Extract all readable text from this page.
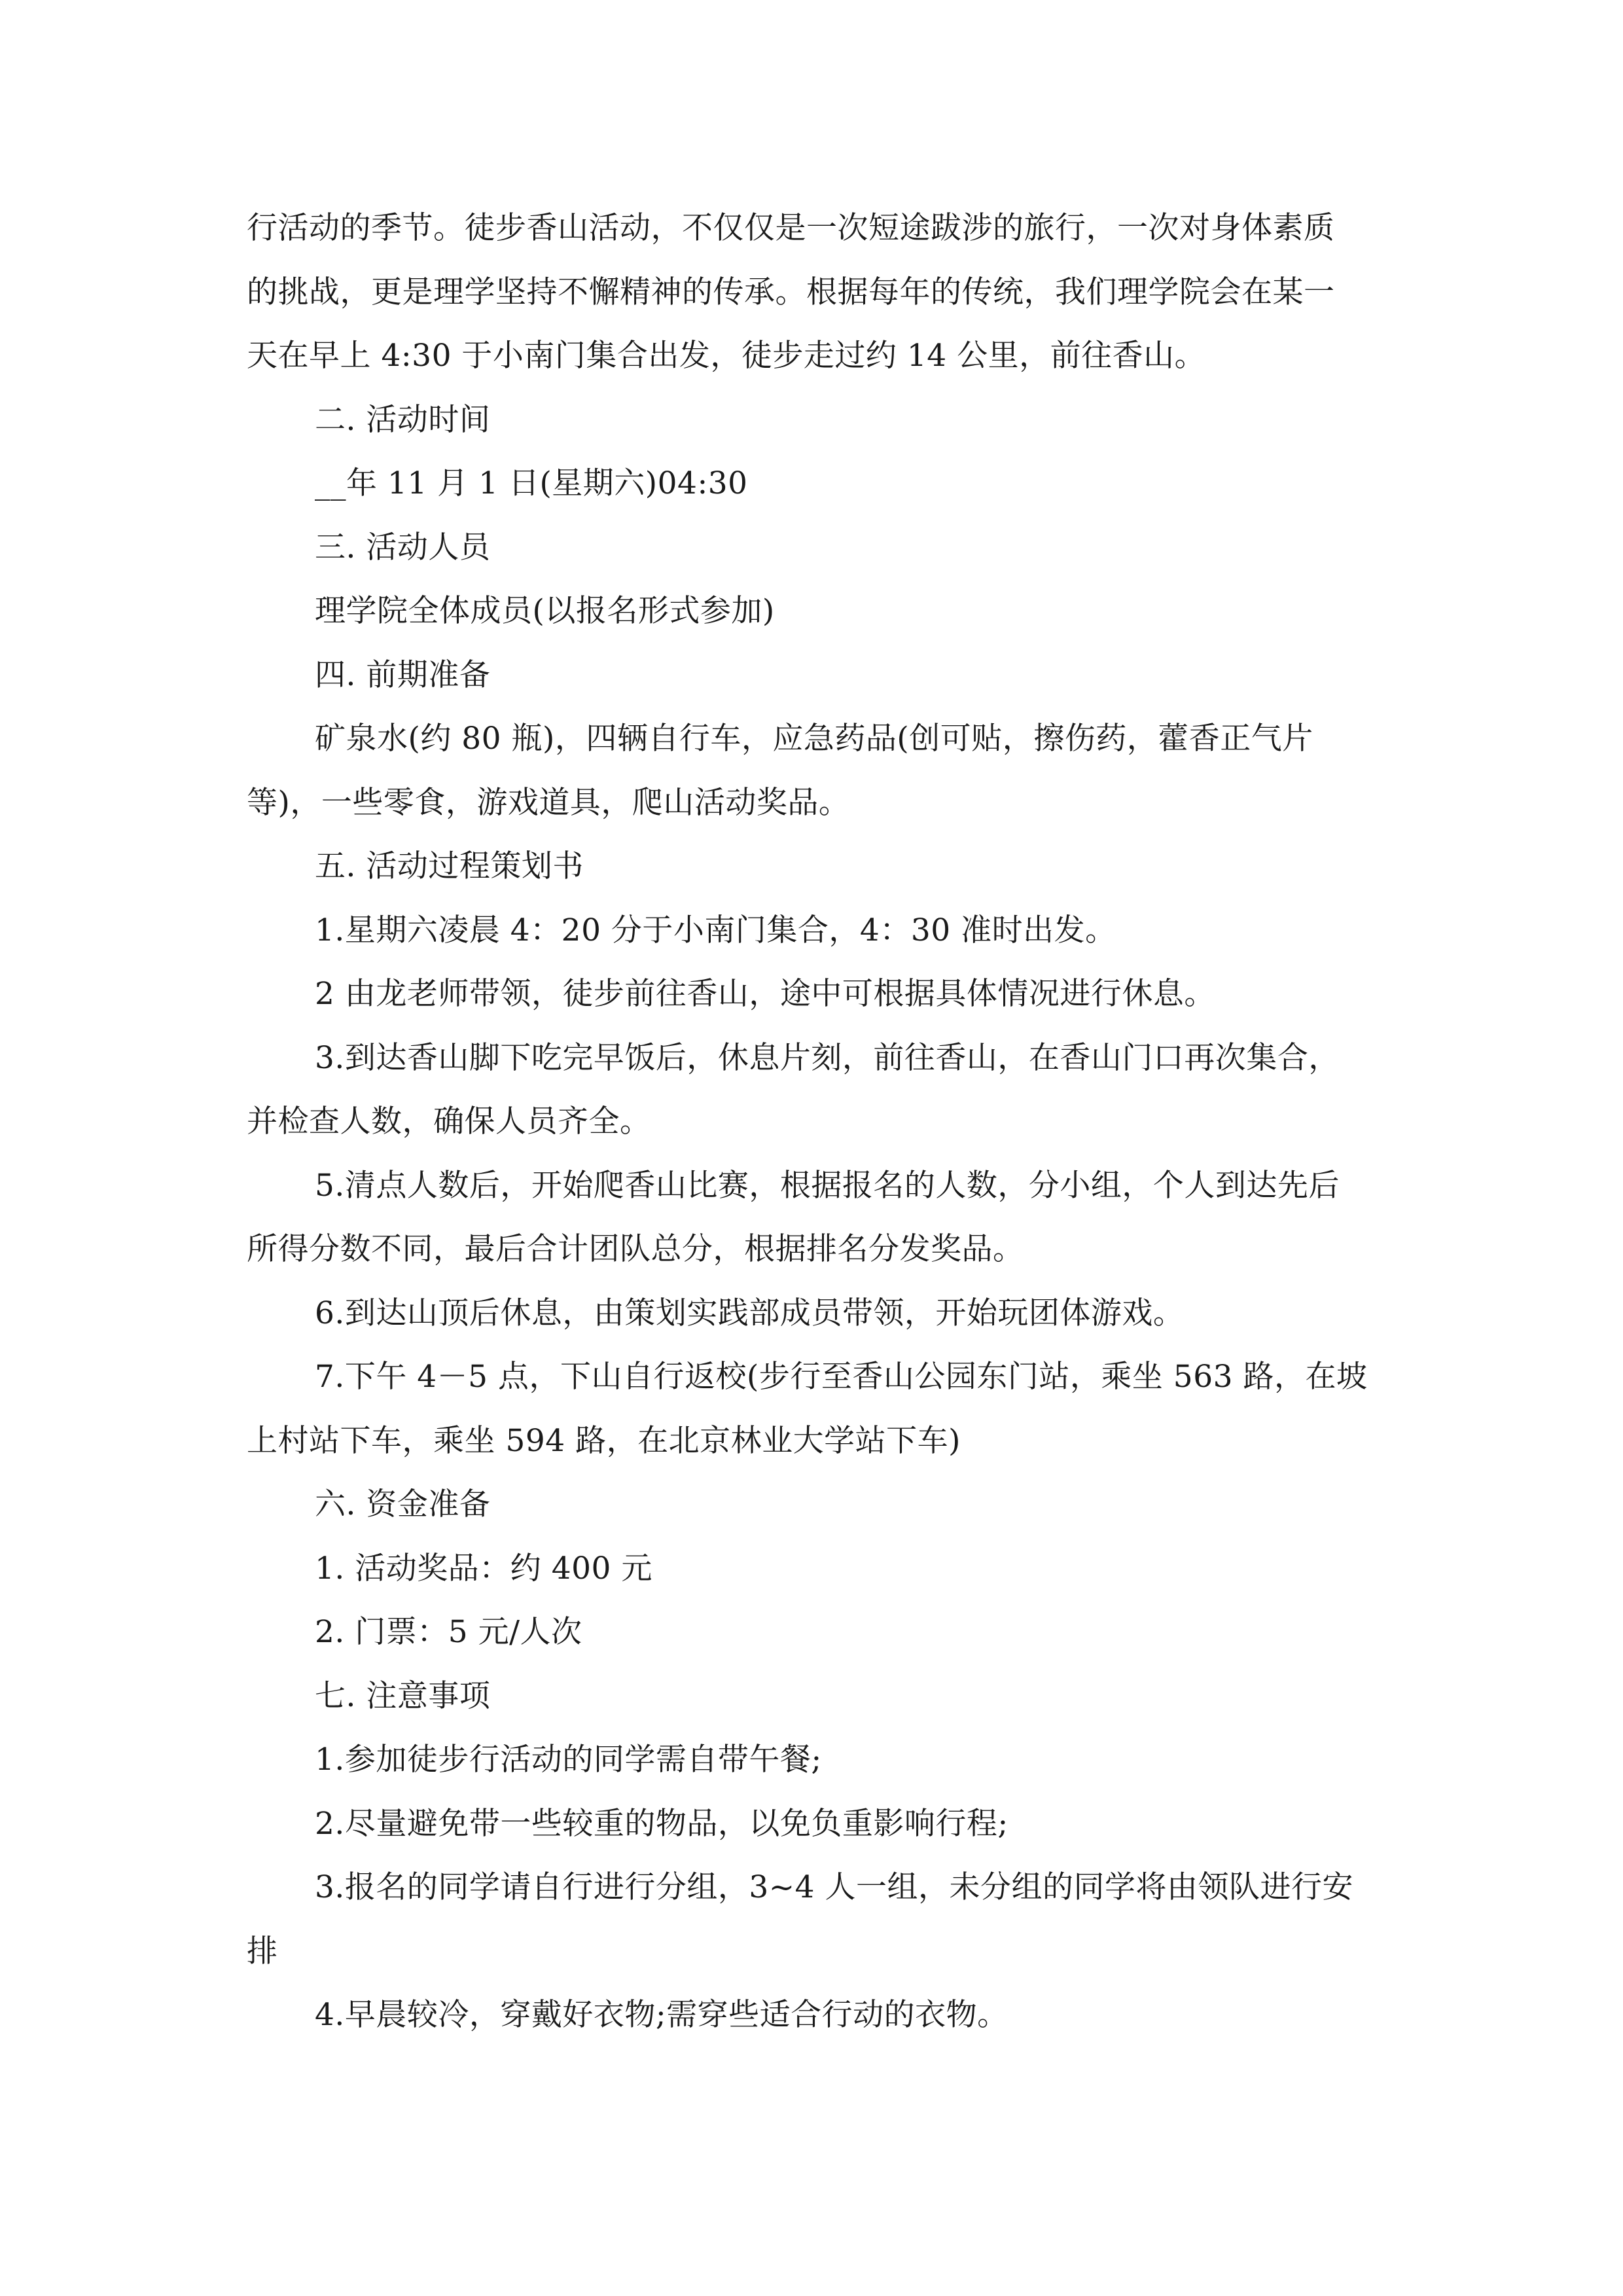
行活动的季节。徒步香山活动，不仅仅是一次短途跋涉的旅行，一次对身体素质
的挑战，更是理学坚持不懈精神的传承。根据每年的传统，我们理学院会在某一
天在早上 4:30 于小南门集合出发，徒步走过约 14 公里，前往香山。
二. 活动时间
__年 11 月 1 日(星期六)04:30
三. 活动人员
理学院全体成员(以报名形式参加)
四. 前期准备
矿泉水(约 80 瓶)，四辆自行车，应急药品(创可贴，擦伤药，藿香正气片
等)，一些零食，游戏道具，爬山活动奖品。
五. 活动过程策划书
1.星期六凌晨 4：20 分于小南门集合，4：30 准时出发。
2 由龙老师带领，徒步前往香山，途中可根据具体情况进行休息。
3.到达香山脚下吃完早饭后，休息片刻，前往香山，在香山门口再次集合，
并检查人数，确保人员齐全。
5.清点人数后，开始爬香山比赛，根据报名的人数，分小组，个人到达先后
所得分数不同，最后合计团队总分，根据排名分发奖品。
6.到达山顶后休息，由策划实践部成员带领，开始玩团体游戏。
7.下午 4－5 点，下山自行返校(步行至香山公园东门站，乘坐 563 路，在坡
上村站下车，乘坐 594 路，在北京林业大学站下车)
六. 资金准备
1. 活动奖品：约 400 元
2. 门票：5 元/人次
七. 注意事项
1.参加徒步行活动的同学需自带午餐;
2.尽量避免带一些较重的物品，以免负重影响行程;
3.报名的同学请自行进行分组，3~4 人一组，未分组的同学将由领队进行安
排
4.早晨较冷，穿戴好衣物;需穿些适合行动的衣物。
